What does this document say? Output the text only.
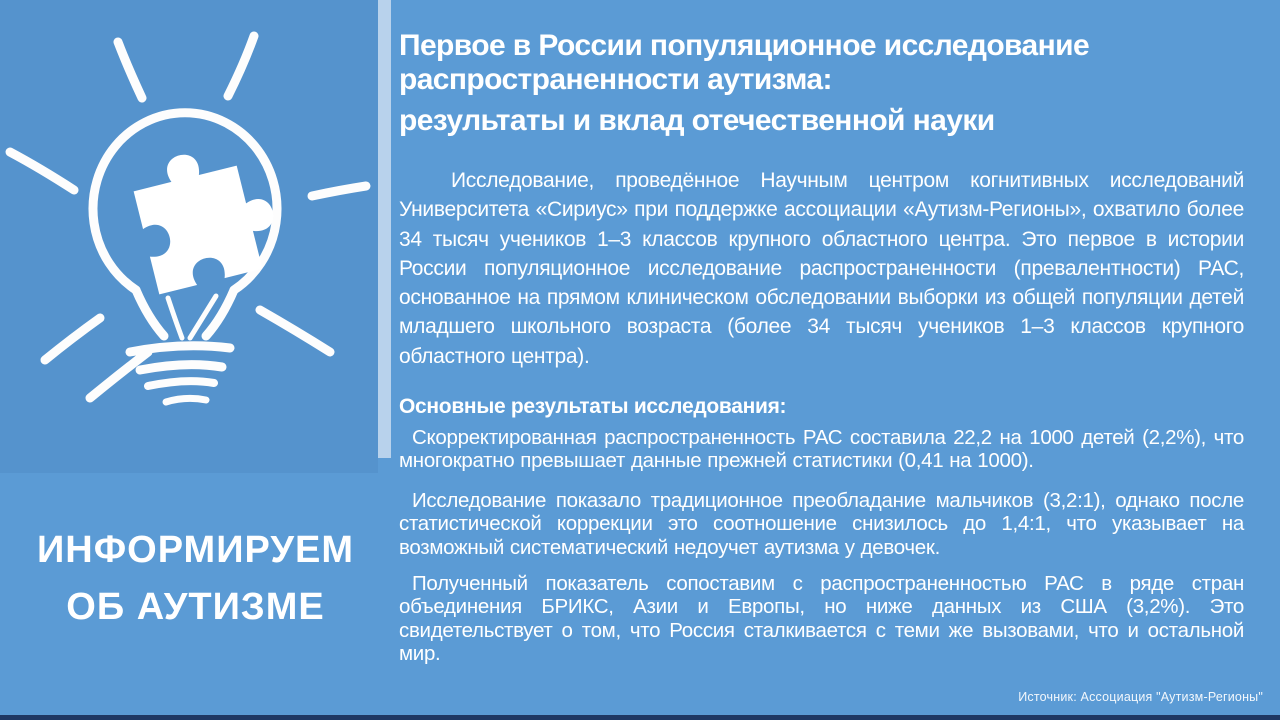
ИНФОРМИРУЕМ
ОБ АУТИЗМЕ
Первое в России популяционное исследование распространенности аутизма:
результаты и вклад отечественной науки
Исследование, проведённое Научным центром когнитивных исследований Университета «Сириус» при поддержке ассоциации «Аутизм-Регионы», охватило более 34 тысяч учеников 1–3 классов крупного областного центра. Это первое в истории России популяционное исследование распространенности (превалентности) РАС, основанное на прямом клиническом обследовании выборки из общей популяции детей младшего школьного возраста (более 34 тысяч учеников 1–3 классов крупного областного центра).
Основные результаты исследования:
Скорректированная распространенность РАС составила 22,2 на 1000 детей (2,2%), что многократно превышает данные прежней статистики (0,41 на 1000).
Исследование показало традиционное преобладание мальчиков (3,2:1), однако после статистической коррекции это соотношение снизилось до 1,4:1, что указывает на возможный систематический недоучет аутизма у девочек.
Полученный показатель сопоставим с распространенностью РАС в ряде стран объединения БРИКС, Азии и Европы, но ниже данных из США (3,2%). Это свидетельствует о том, что Россия сталкивается с теми же вызовами, что и остальной мир.
Источник: Ассоциация "Аутизм-Регионы"
